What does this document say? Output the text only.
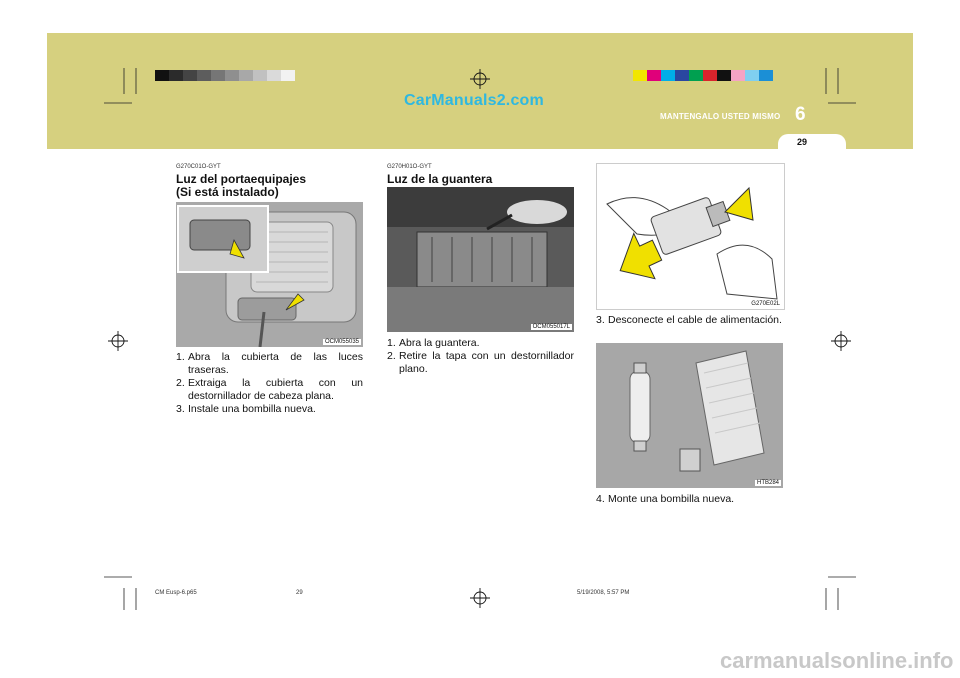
CarManuals2.com
MANTENGALO USTED MISMO 6
29
G270C01O-GYT
Luz del portaequipajes
(Si está instalado)
OCM055035
1. Abra la cubierta de las luces traseras.
2. Extraiga la cubierta con un destornillador de cabeza plana.
3. Instale una bombilla nueva.
G270H01O-GYT
Luz de la guantera
OCM055017L
1. Abra la guantera.
2. Retire la tapa con un destornillador plano.
G270E02L
3. Desconecte el cable de alimentación.
HTB284
4. Monte una bombilla nueva.
CM Eusp-6.p65	29	5/19/2008, 5:57 PM
carmanualsonline.info
